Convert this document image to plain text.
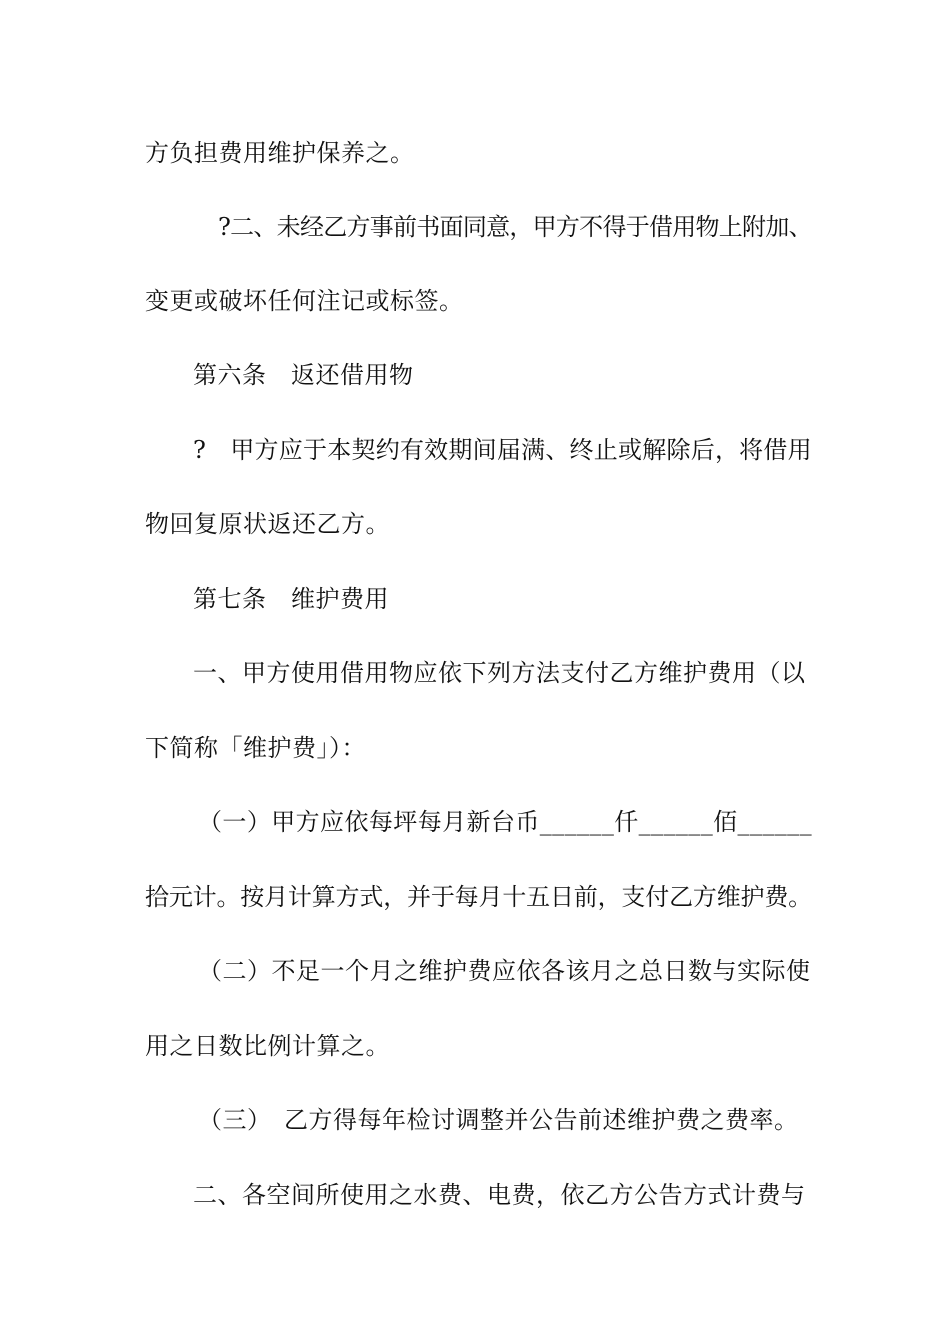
方负担费用维护保养之。
?二、未经乙方事前书面同意，甲方不得于借用物上附加、
变更或破坏任何注记或标签。
第六条　返还借用物
?　甲方应于本契约有效期间届满、终止或解除后，将借用
物回复原状返还乙方。
第七条　维护费用
一、甲方使用借用物应依下列方法支付乙方维护费用（以
下简称「维护费」）：
（一）甲方应依每坪每月新台币______仟______佰______
拾元计。按月计算方式，并于每月十五日前，支付乙方维护费。
（二）不足一个月之维护费应依各该月之总日数与实际使
用之日数比例计算之。
（三）　乙方得每年检讨调整并公告前述维护费之费率。
二、各空间所使用之水费、电费，依乙方公告方式计费与
